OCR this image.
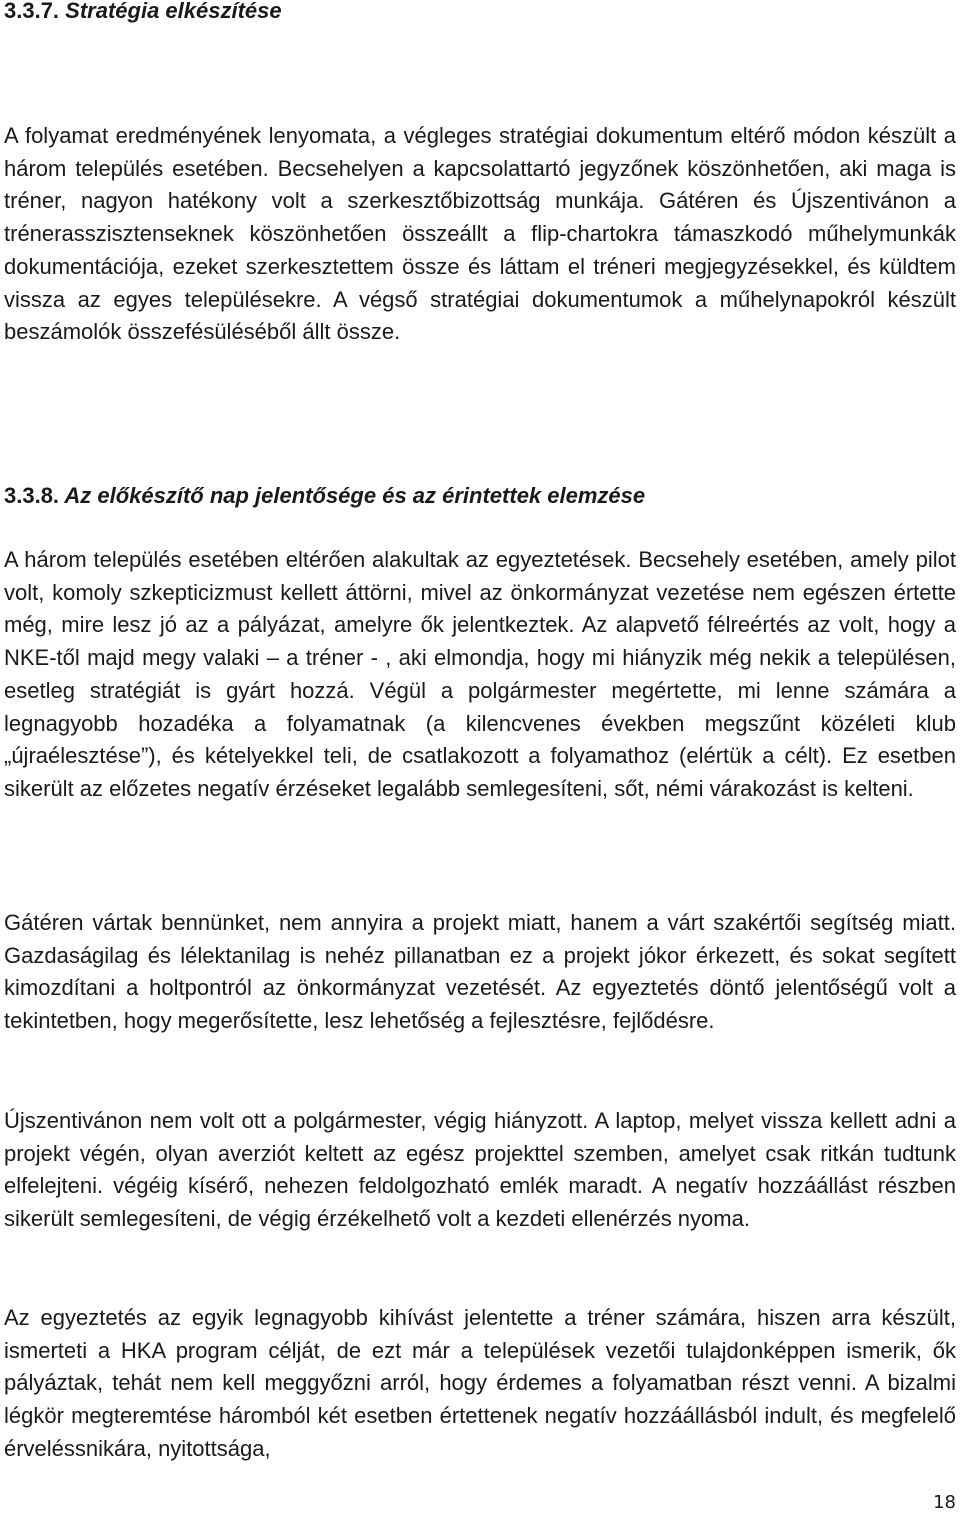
3.3.7. Stratégia elkészítése

A folyamat eredményének lenyomata, a végleges stratégiai dokumentum eltérő módon készült a három település esetében. Becsehelyen a kapcsolattartó jegyzőnek köszönhetően, aki maga is tréner, nagyon hatékony volt a szerkesztőbizottság munkája. Gátéren és Újszentivánon a trénerasszisztenseknek köszönhetően összeállt a flip-chartokra támaszkodó műhelymunkák dokumentációja, ezeket szerkesztettem össze és láttam el tréneri megjegyzésekkel, és küldtem vissza az egyes településekre. A végső stratégiai dokumentumok a műhelynapokról készült beszámolók összefésüléséből állt össze.

3.3.8. Az előkészítő nap jelentősége és az érintettek elemzése

A három település esetében eltérően alakultak az egyeztetések. Becsehely esetében, amely pilot volt, komoly szkepticizmust kellett áttörni, mivel az önkormányzat vezetése nem egészen értette még, mire lesz jó az a pályázat, amelyre ők jelentkeztek. Az alapvető félreértés az volt, hogy a NKE-től majd megy valaki – a tréner - , aki elmondja, hogy mi hiányzik még nekik a településen, esetleg stratégiát is gyárt hozzá. Végül a polgármester megértette, mi lenne számára a legnagyobb hozadéka a folyamatnak (a kilencvenes években megszűnt közéleti klub „újraélesztése”), és kételyekkel teli, de csatlakozott a folyamathoz (elértük a célt). Ez esetben sikerült az előzetes negatív érzéseket legalább semlegesíteni, sőt, némi várakozást is kelteni.

Gátéren vártak bennünket, nem annyira a projekt miatt, hanem a várt szakértői segítség miatt. Gazdaságilag és lélektanilag is nehéz pillanatban ez a projekt jókor érkezett, és sokat segített kimozdítani a holtpontról az önkormányzat vezetését. Az egyeztetés döntő jelentőségű volt a tekintetben, hogy megerősítette, lesz lehetőség a fejlesztésre, fejlődésre.

Újszentivánon nem volt ott a polgármester, végig hiányzott. A laptop, melyet vissza kellett adni a projekt végén, olyan averziót keltett az egész projekttel szemben, amelyet csak ritkán tudtunk elfelejteni. végéig kísérő, nehezen feldolgozható emlék maradt. A negatív hozzáállást részben sikerült semlegesíteni, de végig érzékelhető volt a kezdeti ellenérzés nyoma.

Az egyeztetés az egyik legnagyobb kihívást jelentette a tréner számára, hiszen arra készült, ismerteti a HKA program célját, de ezt már a települések vezetői tulajdonképpen ismerik, ők pályáztak, tehát nem kell meggyőzni arról, hogy érdemes a folyamatban részt venni. A bizalmi légkör megteremtése háromból két esetben értettenek negatív hozzáállásból indult, és megfelelő érveléssnikára, nyitottsága,

18
